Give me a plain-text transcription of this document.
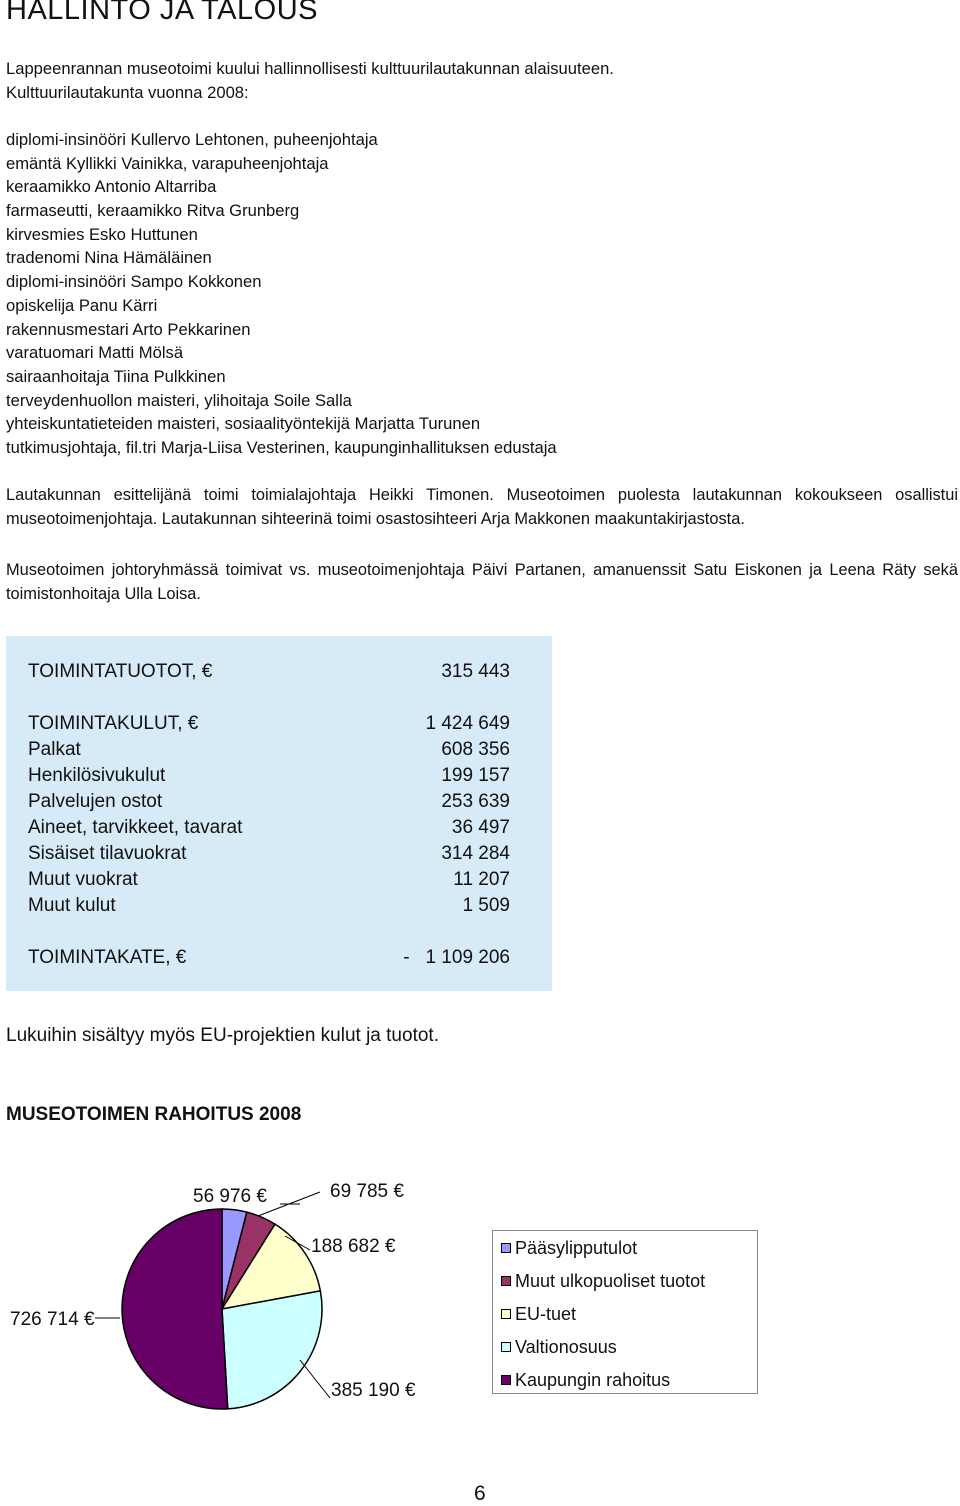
HALLINTO JA TALOUS
Lappeenrannan museotoimi kuului hallinnollisesti kulttuurilautakunnan alaisuuteen.
Kulttuurilautakunta vuonna 2008:
diplomi-insinööri Kullervo Lehtonen, puheenjohtaja
emäntä Kyllikki Vainikka, varapuheenjohtaja
keraamikko Antonio Altarriba
farmaseutti, keraamikko Ritva Grunberg
kirvesmies Esko Huttunen
tradenomi Nina Hämäläinen
diplomi-insinööri Sampo Kokkonen
opiskelija Panu Kärri
rakennusmestari Arto Pekkarinen
varatuomari Matti Mölsä
sairaanhoitaja Tiina Pulkkinen
terveydenhuollon maisteri, ylihoitaja Soile Salla
yhteiskuntatieteiden maisteri, sosiaalityöntekijä Marjatta Turunen
tutkimusjohtaja, fil.tri Marja-Liisa Vesterinen, kaupunginhallituksen edustaja

Lautakunnan esittelijänä toimi toimialajohtaja Heikki Timonen. Museotoimen puolesta lautakunnan kokoukseen osallistui museotoimenjohtaja. Lautakunnan sihteerinä toimi osastosihteeri Arja Makkonen maakuntakirjastosta.

Museotoimen johtoryhmässä toimivat vs. museotoimenjohtaja Päivi Partanen, amanuenssit Satu Eiskonen ja Leena Räty sekä toimistonhoitaja Ulla Loisa.

TOIMINTATUOTOT, €	315 443
TOIMINTAKULUT, €	1 424 649
Palkat	608 356
Henkilösivukulut	199 157
Palvelujen ostot	253 639
Aineet, tarvikkeet, tavarat	36 497
Sisäiset tilavuokrat	314 284
Muut vuokrat	11 207
Muut kulut	1 509
TOIMINTAKATE, €	-   1 109 206

Lukuihin sisältyy myös EU-projektien kulut ja tuotot.

MUSEOTOIMEN RAHOITUS 2008
56 976 €	69 785 €
188 682 €
385 190 €
726 714 €
Pääsylipputulot
Muut ulkopuoliset tuotot
EU-tuet
Valtionosuus
Kaupungin rahoitus
6
